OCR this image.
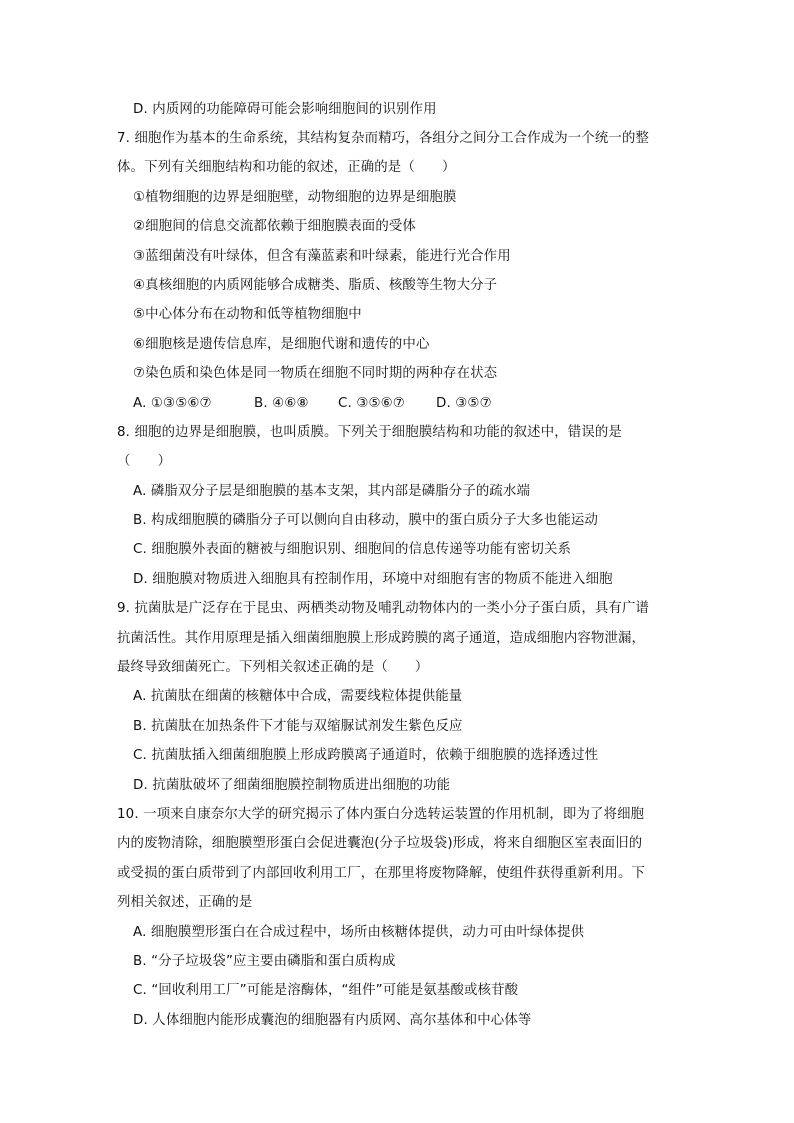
D. 内质网的功能障碍可能会影响细胞间的识别作用
7. 细胞作为基本的生命系统，其结构复杂而精巧，各组分之间分工合作成为一个统一的整
体。下列有关细胞结构和功能的叙述，正确的是（　　）
①植物细胞的边界是细胞壁，动物细胞的边界是细胞膜
②细胞间的信息交流都依赖于细胞膜表面的受体
③蓝细菌没有叶绿体，但含有藻蓝素和叶绿素，能进行光合作用
④真核细胞的内质网能够合成糖类、脂质、核酸等生物大分子
⑤中心体分布在动物和低等植物细胞中
⑥细胞核是遗传信息库，是细胞代谢和遗传的中心
⑦染色质和染色体是同一物质在细胞不同时期的两种存在状态
A. ①③⑤⑥⑦	B. ④⑥⑧ C. ③⑤⑥⑦ D. ③⑤⑦
8. 细胞的边界是细胞膜，也叫质膜。下列关于细胞膜结构和功能的叙述中，错误的是
（　　）
A. 磷脂双分子层是细胞膜的基本支架，其内部是磷脂分子的疏水端
B. 构成细胞膜的磷脂分子可以侧向自由移动，膜中的蛋白质分子大多也能运动
C. 细胞膜外表面的糖被与细胞识别、细胞间的信息传递等功能有密切关系
D. 细胞膜对物质进入细胞具有控制作用，环境中对细胞有害的物质不能进入细胞
9. 抗菌肽是广泛存在于昆虫、两栖类动物及哺乳动物体内的一类小分子蛋白质，具有广谱
抗菌活性。其作用原理是插入细菌细胞膜上形成跨膜的离子通道，造成细胞内容物泄漏，
最终导致细菌死亡。下列相关叙述正确的是（　　）
A. 抗菌肽在细菌的核糖体中合成，需要线粒体提供能量
B. 抗菌肽在加热条件下才能与双缩脲试剂发生紫色反应
C. 抗菌肽插入细菌细胞膜上形成跨膜离子通道时，依赖于细胞膜的选择透过性
D. 抗菌肽破坏了细菌细胞膜控制物质进出细胞的功能
10. 一项来自康奈尔大学的研究揭示了体内蛋白分选转运装置的作用机制，即为了将细胞
内的废物清除，细胞膜塑形蛋白会促进囊泡(分子垃圾袋)形成，将来自细胞区室表面旧的
或受损的蛋白质带到了内部回收利用工厂，在那里将废物降解，使组件获得重新利用。下
列相关叙述，正确的是
A. 细胞膜塑形蛋白在合成过程中，场所由核糖体提供，动力可由叶绿体提供
B. “分子垃圾袋”应主要由磷脂和蛋白质构成
C. “回收利用工厂”可能是溶酶体，“组件”可能是氨基酸或核苷酸
D. 人体细胞内能形成囊泡的细胞器有内质网、高尔基体和中心体等
